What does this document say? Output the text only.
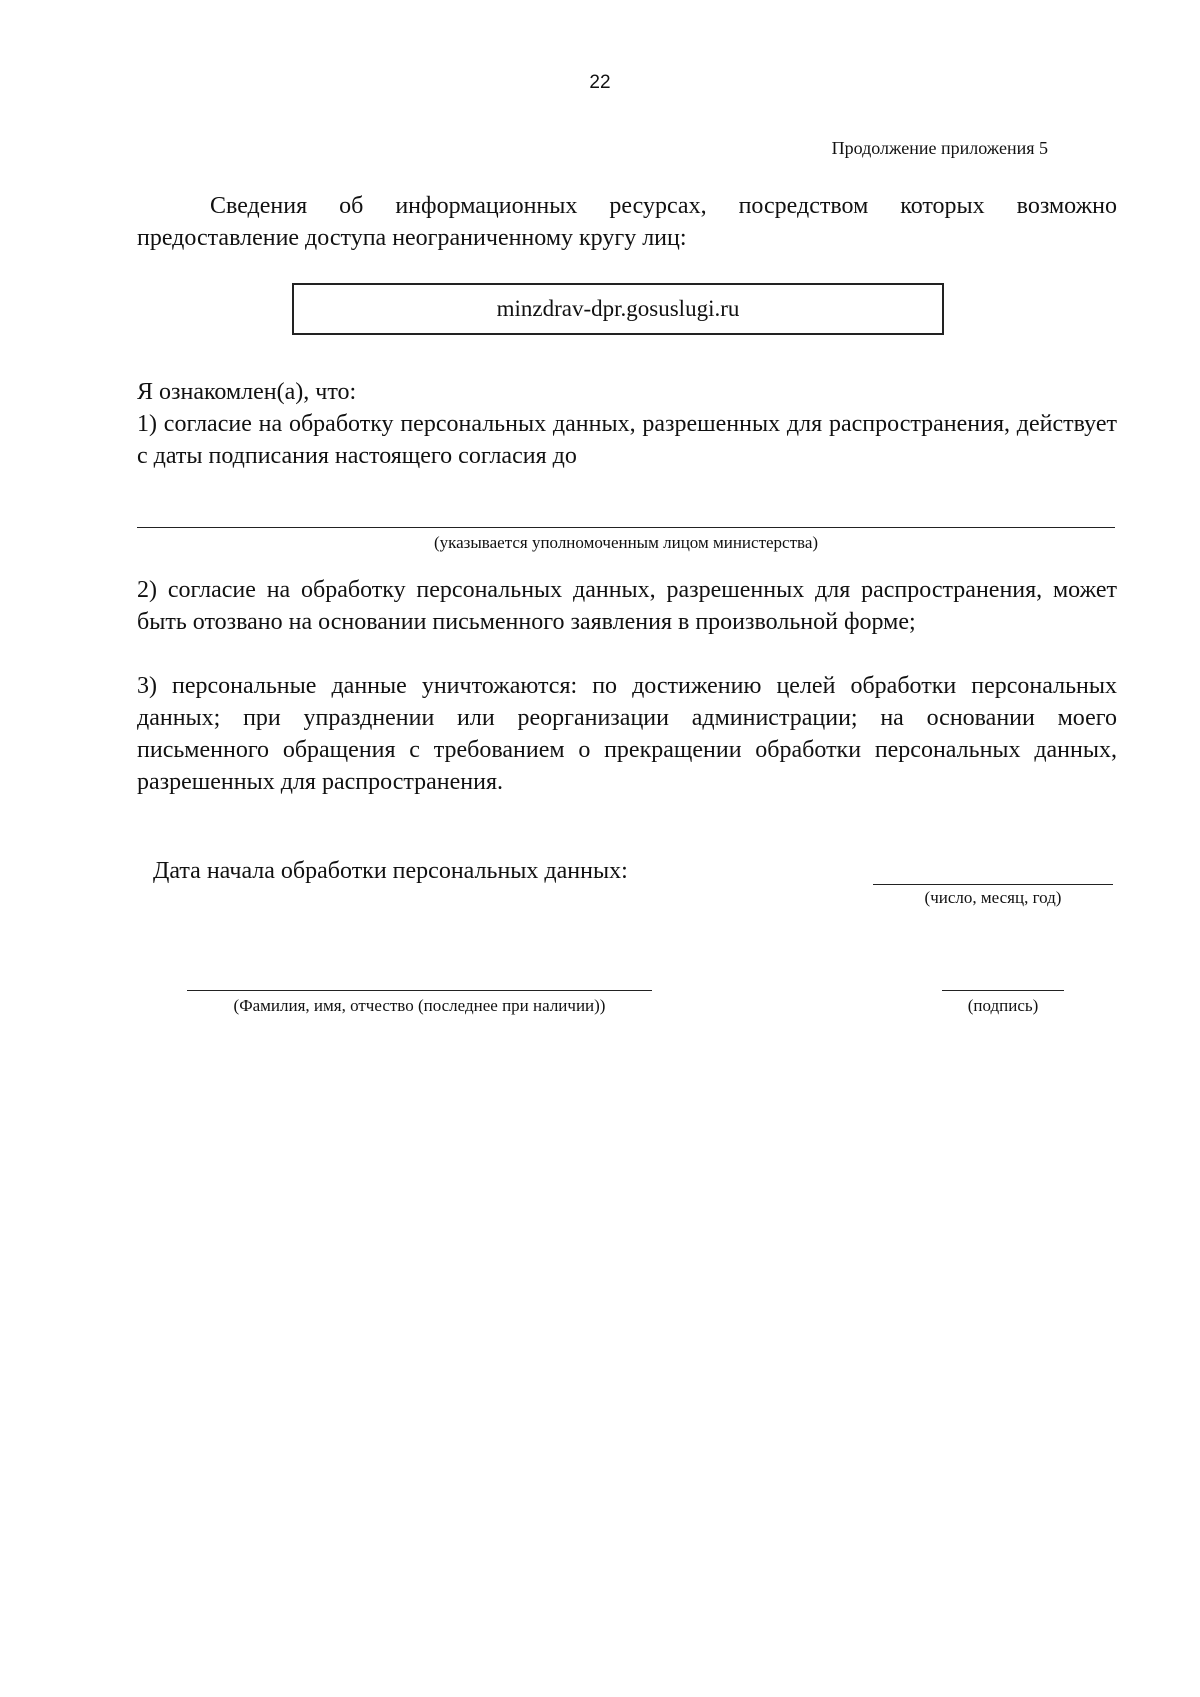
22
Продолжение приложения 5
Сведения об информационных ресурсах, посредством которых возможно предоставление доступа неограниченному кругу лиц:
minzdrav-dpr.gosuslugi.ru
Я ознакомлен(а), что:
1) согласие на обработку персональных данных, разрешенных для распространения, действует с даты подписания настоящего согласия до
(указывается уполномоченным лицом министерства)
2) согласие на обработку персональных данных, разрешенных для распространения, может быть отозвано на основании письменного заявления в произвольной форме;
3) персональные данные уничтожаются: по достижению целей обработки персональных данных; при упразднении или реорганизации администрации; на основании моего письменного обращения с требованием о прекращении обработки персональных данных, разрешенных для распространения.
Дата начала обработки персональных данных:
(число, месяц, год)
(Фамилия, имя, отчество (последнее при наличии))	(подпись)
